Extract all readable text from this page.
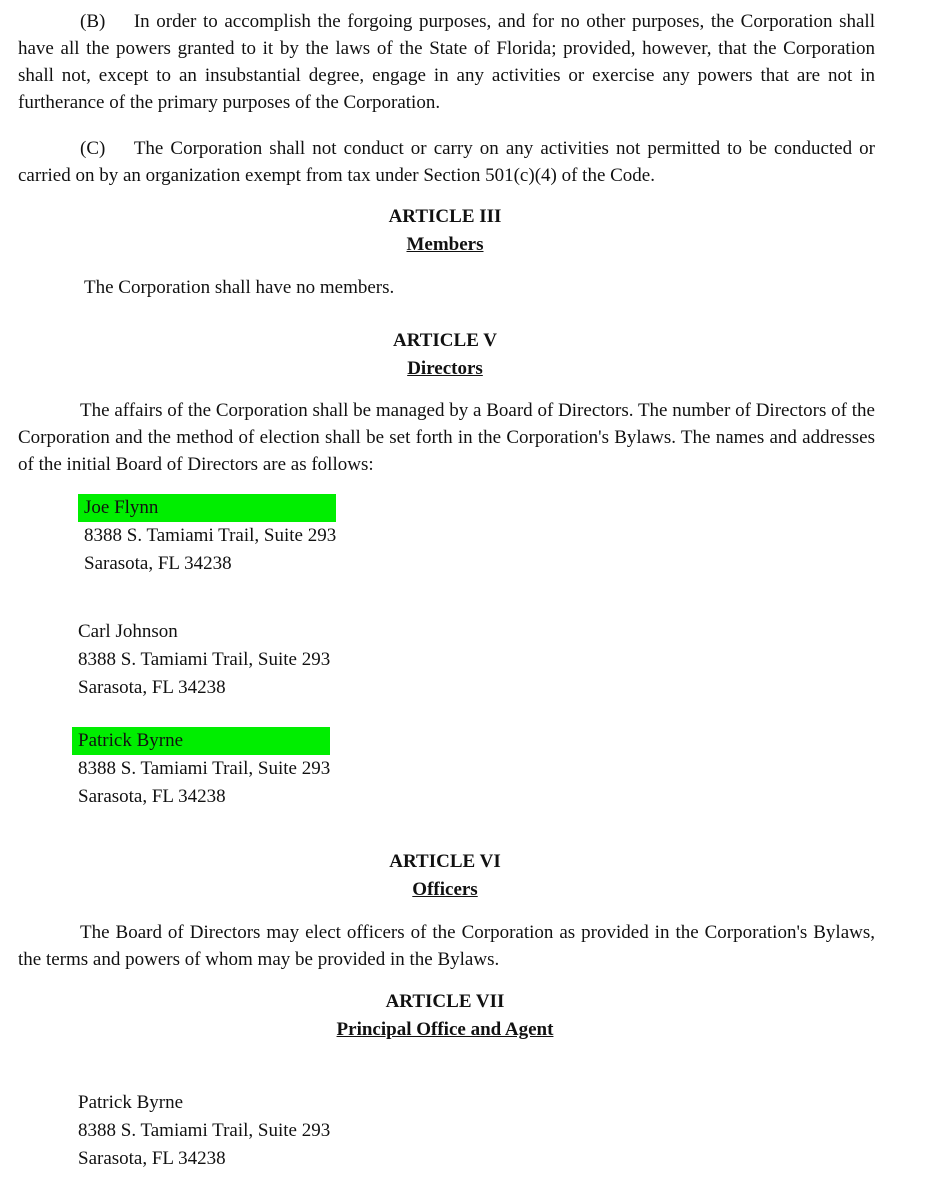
(B)  In order to accomplish the forgoing purposes, and for no other purposes, the Corporation shall have all the powers granted to it by the laws of the State of Florida; provided, however, that the Corporation shall not, except to an insubstantial degree, engage in any activities or exercise any powers that are not in furtherance of the primary purposes of the Corporation.
(C)  The Corporation shall not conduct or carry on any activities not permitted to be conducted or carried on by an organization exempt from tax under Section 501(c)(4) of the Code.
ARTICLE III
Members
The Corporation shall have no members.
ARTICLE V
Directors
The affairs of the Corporation shall be managed by a Board of Directors. The number of Directors of the Corporation and the method of election shall be set forth in the Corporation's Bylaws. The names and addresses of the initial Board of Directors are as follows:
Joe Flynn
8388 S. Tamiami Trail, Suite 293
Sarasota, FL 34238
Carl Johnson
8388 S. Tamiami Trail, Suite 293
Sarasota, FL 34238
Patrick Byrne
8388 S. Tamiami Trail, Suite 293
Sarasota, FL 34238
ARTICLE VI
Officers
The Board of Directors may elect officers of the Corporation as provided in the Corporation's Bylaws, the terms and powers of whom may be provided in the Bylaws.
ARTICLE VII
Principal Office and Agent
Patrick Byrne
8388 S. Tamiami Trail, Suite 293
Sarasota, FL 34238
